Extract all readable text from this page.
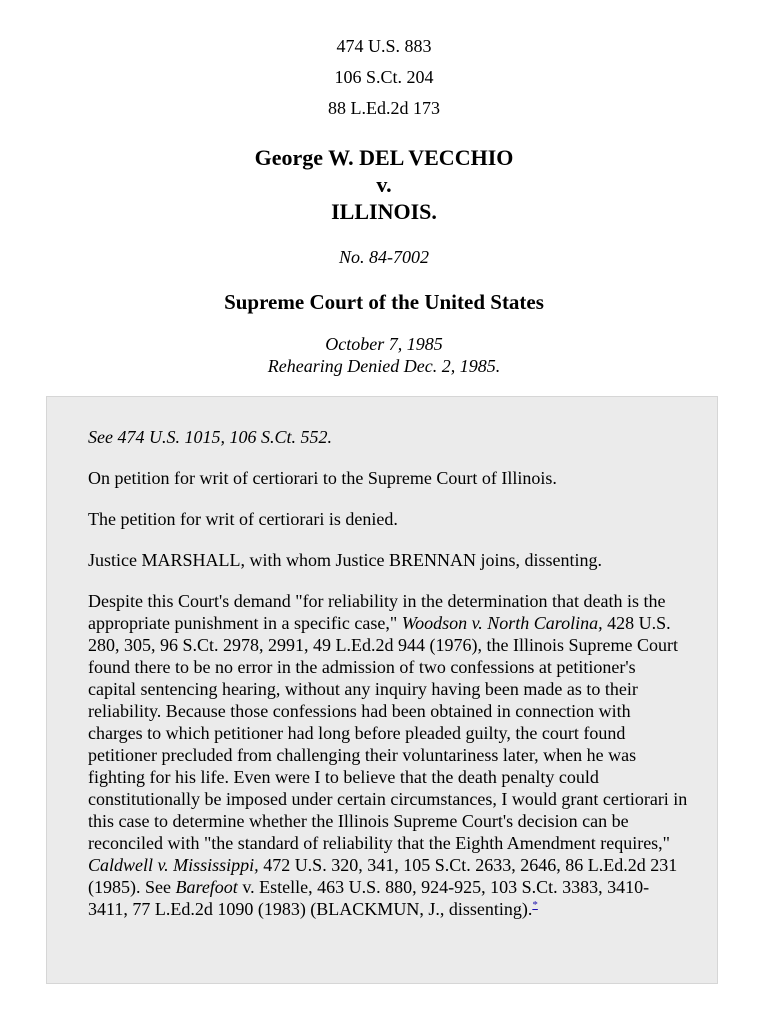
474 U.S. 883
106 S.Ct. 204
88 L.Ed.2d 173
George W. DEL VECCHIO
v.
ILLINOIS.
No. 84-7002
Supreme Court of the United States
October 7, 1985
Rehearing Denied Dec. 2, 1985.

See 474 U.S. 1015, 106 S.Ct. 552.

On petition for writ of certiorari to the Supreme Court of Illinois.

The petition for writ of certiorari is denied.

Justice MARSHALL, with whom Justice BRENNAN joins, dissenting.

Despite this Court's demand "for reliability in the determination that death is the appropriate punishment in a specific case," Woodson v. North Carolina, 428 U.S. 280, 305, 96 S.Ct. 2978, 2991, 49 L.Ed.2d 944 (1976), the Illinois Supreme Court found there to be no error in the admission of two confessions at petitioner's capital sentencing hearing, without any inquiry having been made as to their reliability. Because those confessions had been obtained in connection with charges to which petitioner had long before pleaded guilty, the court found petitioner precluded from challenging their voluntariness later, when he was fighting for his life. Even were I to believe that the death penalty could constitutionally be imposed under certain circumstances, I would grant certiorari in this case to determine whether the Illinois Supreme Court's decision can be reconciled with "the standard of reliability that the Eighth Amendment requires," Caldwell v. Mississippi, 472 U.S. 320, 341, 105 S.Ct. 2633, 2646, 86 L.Ed.2d 231 (1985). See Barefoot v. Estelle, 463 U.S. 880, 924-925, 103 S.Ct. 3383, 3410-3411, 77 L.Ed.2d 1090 (1983) (BLACKMUN, J., dissenting).*
